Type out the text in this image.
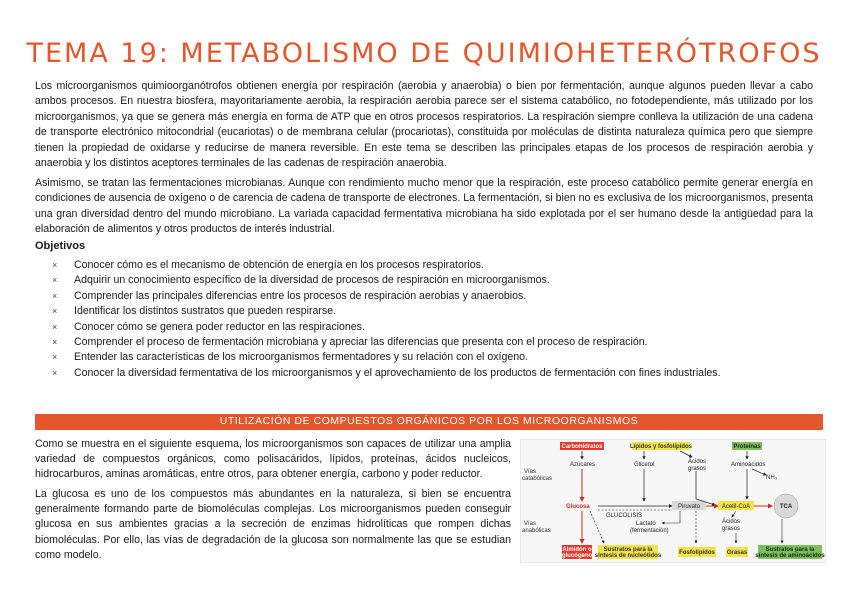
TEMA 19: METABOLISMO DE QUIMIOHETERÓTROFOS

Los microorganismos quimioorganótrofos obtienen energía por respiración (aerobia y anaerobia) o bien por fermentación, aunque algunos pueden llevar a cabo ambos procesos. En nuestra biosfera, mayoritariamente aerobia, la respiración aerobia parece ser el sistema catabólico, no fotodependiente, más utilizado por los microorganismos, ya que se genera más energía en forma de ATP que en otros procesos respiratorios. La respiración siempre conlleva la utilización de una cadena de transporte electrónico mitocondrial (eucariotas) o de membrana celular (procariotas), constituida por moléculas de distinta naturaleza química pero que siempre tienen la propiedad de oxidarse y reducirse de manera reversible. En este tema se describen las principales etapas de los procesos de respiración aerobia y anaerobia y los distintos aceptores terminales de las cadenas de respiración anaerobia.

Asimismo, se tratan las fermentaciones microbianas. Aunque con rendimiento mucho menor que la respiración, este proceso catabólico permite generar energía en condiciones de ausencia de oxígeno o de carencia de cadena de transporte de electrones. La fermentación, si bien no es exclusiva de los microorganismos, presenta una gran diversidad dentro del mundo microbiano. La variada capacidad fermentativa microbiana ha sido explotada por el ser humano desde la antigüedad para la elaboración de alimentos y otros productos de interés industrial.

Objetivos
× Conocer cómo es el mecanismo de obtención de energía en los procesos respiratorios.
× Adquirir un conocimiento específico de la diversidad de procesos de respiración en microorganismos.
× Comprender las principales diferencias entre los procesos de respiración aerobias y anaerobios.
× Identificar los distintos sustratos que pueden respirarse.
× Conocer cómo se genera poder reductor en las respiraciones.
× Comprender el proceso de fermentación microbiana y apreciar las diferencias que presenta con el proceso de respiración.
× Entender las características de los microorganismos fermentadores y su relación con el oxígeno.
× Conocer la diversidad fermentativa de los microorganismos y el aprovechamiento de los productos de fermentación con fines industriales.
UTILIZACIÓN DE COMPUESTOS ORGÁNICOS POR LOS MICROORGANISMOS

Como se muestra en el siguiente esquema, los microorganismos son capaces de utilizar una amplia variedad de compuestos orgánicos, como polisacáridos, lípidos, proteínas, ácidos nucleicos, hidrocarburos, aminas aromáticas, entre otros, para obtener energía, carbono y poder reductor.

La glucosa es uno de los compuestos más abundantes en la naturaleza, si bien se encuentra generalmente formando parte de biomoléculas complejas. Los microorganismos pueden conseguir glucosa en sus ambientes gracias a la secreción de enzimas hidrolíticas que rompen dichas biomoléculas. Por ello, las vías de degradación de la glucosa son normalmente las que se estudian como modelo.

Carbohidratos	Lípidos y fosfolípidos	Proteínas
Vías
catabólicas
Vías
anabólicas
Azúcares	Glicerol	Ácidos
grasos
Aminoácidos
NH₃
Glucosa
GLUCOLISIS
Piruvato	Acetil-CoA	TCA
Lactato
(fermentación)
Ácidos
grasos
Almidón o
glucógeno
Sustratos para la
síntesis de nucleótidos	Fosfolípidos Grasas	Sustratos para la
síntesis de aminoácidos
